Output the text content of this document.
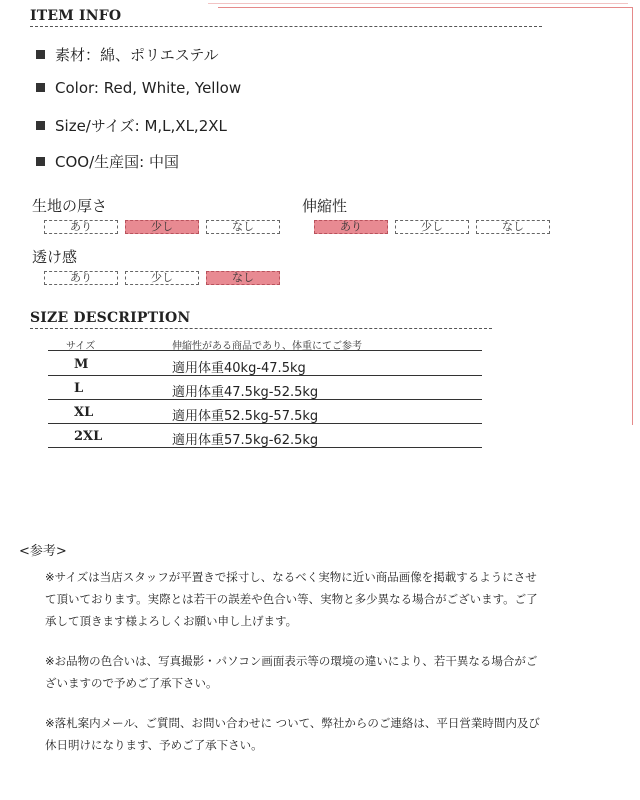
ITEM INFO
素材：綿、ポリエステル
Color: Red, White, Yellow
Size/サイズ: M,L,XL,2XL
COO/生産国: 中国
生地の厚さ
あり	少し	なし
伸縮性
あり	少し	なし
透け感
あり	少し	なし
SIZE DESCRIPTION
サイズ	伸縮性がある商品であり、体重にてご参考
M	適用体重40kg-47.5kg
L	適用体重47.5kg-52.5kg
XL	適用体重52.5kg-57.5kg
2XL	適用体重57.5kg-62.5kg
<参考>
※サイズは当店スタッフが平置きで採寸し、なるべく実物に近い商品画像を掲載するようにさせて頂いております。実際とは若干の誤差や色合い等、実物と多少異なる場合がございます。ご了承して頂きます様よろしくお願い申し上げます。
※お品物の色合いは、写真撮影・パソコン画面表示等の環境の違いにより、若干異なる場合がございますので予めご了承下さい。
※落札案内メール、ご質問、お問い合わせに ついて、弊社からのご連絡は、平日営業時間内及び休日明けになります、予めご了承下さい。
